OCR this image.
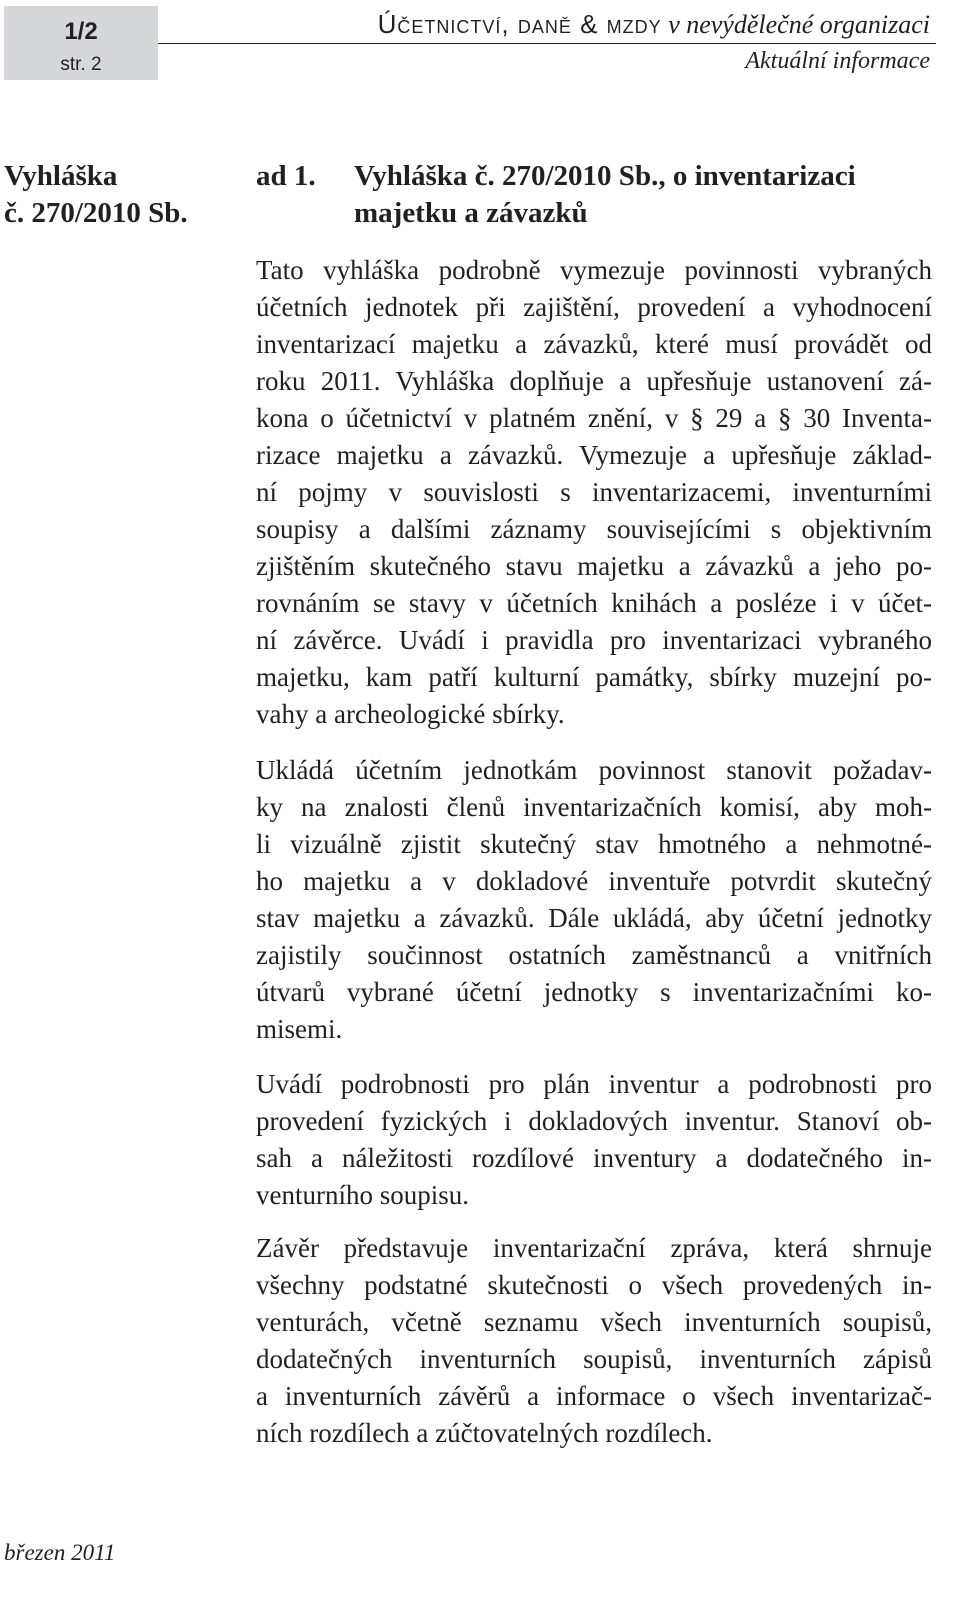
1/2
str. 2
Účetnictví, daně & mzdy v nevýdělečné organizaci
Aktuální informace
Vyhláška
č. 270/2010 Sb.
ad 1. Vyhláška č. 270/2010 Sb., o inventarizaci
majetku a závazků
Tato vyhláška podrobně vymezuje povinnosti vybraných
účetních jednotek při zajištění, provedení a vyhodnocení
inventarizací majetku a závazků, které musí provádět od
roku 2011. Vyhláška doplňuje a upřesňuje ustanovení zá-
kona o účetnictví v platném znění, v § 29 a § 30 Inventa-
rizace majetku a závazků. Vymezuje a upřesňuje základ-
ní pojmy v souvislosti s inventarizacemi, inventurními
soupisy a dalšími záznamy souvisejícími s objektivním
zjištěním skutečného stavu majetku a závazků a jeho po-
rovnáním se stavy v účetních knihách a posléze i v účet-
ní závěrce. Uvádí i pravidla pro inventarizaci vybraného
majetku, kam patří kulturní památky, sbírky muzejní po-
vahy a archeologické sbírky.
Ukládá účetním jednotkám povinnost stanovit požadav-
ky na znalosti členů inventarizačních komisí, aby moh-
li vizuálně zjistit skutečný stav hmotného a nehmotné-
ho majetku a v dokladové inventuře potvrdit skutečný
stav majetku a závazků. Dále ukládá, aby účetní jednotky
zajistily součinnost ostatních zaměstnanců a vnitřních
útvarů vybrané účetní jednotky s inventarizačními ko-
misemi.
Uvádí podrobnosti pro plán inventur a podrobnosti pro
provedení fyzických i dokladových inventur. Stanoví ob-
sah a náležitosti rozdílové inventury a dodatečného in-
venturního soupisu.
Závěr představuje inventarizační zpráva, která shrnuje
všechny podstatné skutečnosti o všech provedených in-
venturách, včetně seznamu všech inventurních soupisů,
dodatečných inventurních soupisů, inventurních zápisů
a inventurních závěrů a informace o všech inventarizač-
ních rozdílech a zúčtovatelných rozdílech.
březen 2011
